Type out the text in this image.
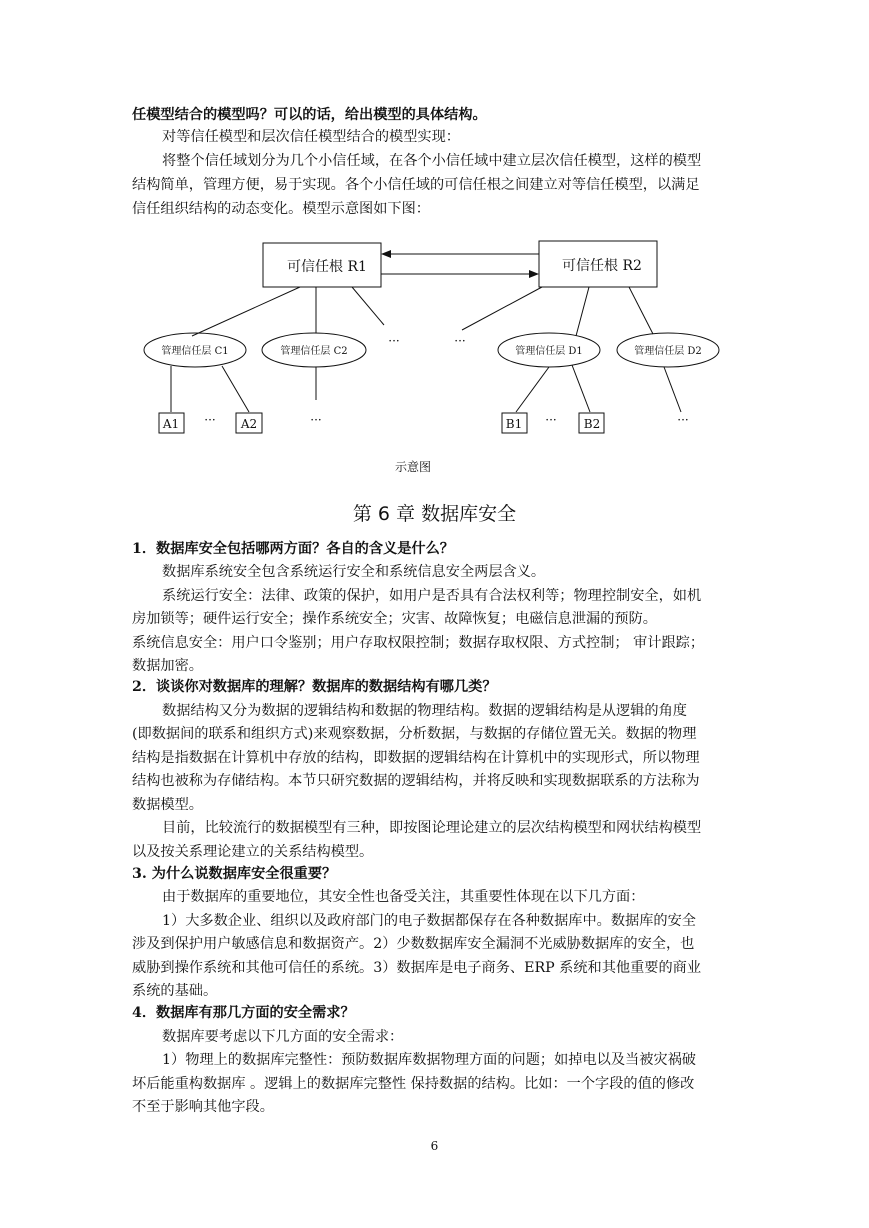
任模型结合的模型吗？可以的话，给出模型的具体结构。
对等信任模型和层次信任模型结合的模型实现：
将整个信任域划分为几个小信任域，在各个小信任域中建立层次信任模型，这样的模型
结构简单，管理方便，易于实现。各个小信任域的可信任根之间建立对等信任模型，以满足
信任组织结构的动态变化。模型示意图如下图：
可信任根 R1	可信任根 R2
管理信任层 C1	管理信任层 C2	管理信任层 D1	管理信任层 D2
···	···
A1 ··· A2	···	B1 ··· B2	···
示意图
第 6 章 数据库安全
1．数据库安全包括哪两方面？各自的含义是什么？
数据库系统安全包含系统运行安全和系统信息安全两层含义。
系统运行安全：法律、政策的保护，如用户是否具有合法权利等；物理控制安全，如机
房加锁等；硬件运行安全；操作系统安全；灾害、故障恢复；电磁信息泄漏的预防。
系统信息安全：用户口令鉴别；用户存取权限控制；数据存取权限、方式控制； 审计跟踪；
数据加密。
2．谈谈你对数据库的理解？数据库的数据结构有哪几类？
数据结构又分为数据的逻辑结构和数据的物理结构。数据的逻辑结构是从逻辑的角度
(即数据间的联系和组织方式)来观察数据，分析数据，与数据的存储位置无关。数据的物理
结构是指数据在计算机中存放的结构，即数据的逻辑结构在计算机中的实现形式，所以物理
结构也被称为存储结构。本节只研究数据的逻辑结构，并将反映和实现数据联系的方法称为
数据模型。
目前，比较流行的数据模型有三种，即按图论理论建立的层次结构模型和网状结构模型
以及按关系理论建立的关系结构模型。
3. 为什么说数据库安全很重要？
由于数据库的重要地位，其安全性也备受关注，其重要性体现在以下几方面：
1）大多数企业、组织以及政府部门的电子数据都保存在各种数据库中。数据库的安全
涉及到保护用户敏感信息和数据资产。2）少数数据库安全漏洞不光威胁数据库的安全，也
威胁到操作系统和其他可信任的系统。3）数据库是电子商务、ERP 系统和其他重要的商业
系统的基础。
4．数据库有那几方面的安全需求？
数据库要考虑以下几方面的安全需求：
1）物理上的数据库完整性：预防数据库数据物理方面的问题；如掉电以及当被灾祸破
坏后能重构数据库 。逻辑上的数据库完整性 保持数据的结构。比如：一个字段的值的修改
不至于影响其他字段。
6
